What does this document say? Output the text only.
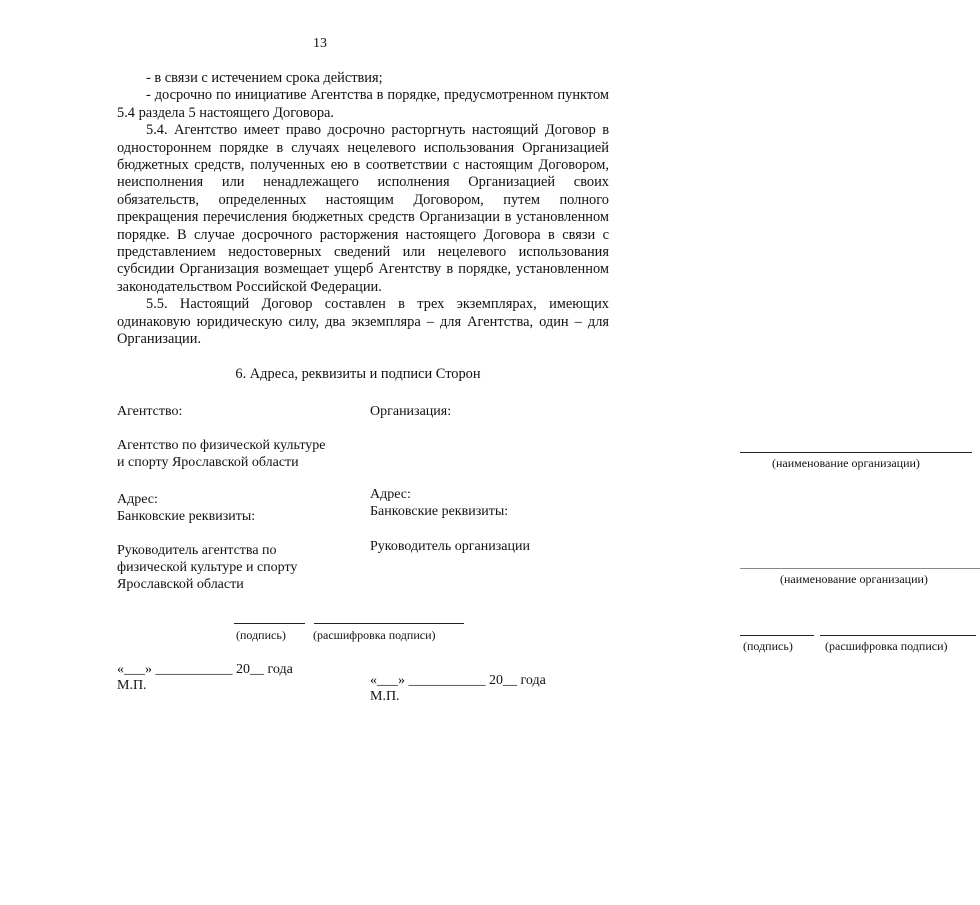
13

- в связи с истечением срока действия;

- досрочно по инициативе Агентства в порядке, предусмотренном пунктом 5.4 раздела 5 настоящего Договора.

5.4. Агентство имеет право досрочно расторгнуть настоящий Договор в одностороннем порядке в случаях нецелевого использования Организацией бюджетных средств, полученных ею в соответствии с настоящим Договором, неисполнения или ненадлежащего исполнения Организацией своих обязательств, определенных настоящим Договором, путем полного прекращения перечисления бюджетных средств Организации в установленном порядке. В случае досрочного расторжения настоящего Договора в связи с представлением недостоверных сведений или нецелевого использования субсидии Организация возмещает ущерб Агентству в порядке, установленном законодательством Российской Федерации.

5.5. Настоящий Договор составлен в трех экземплярах, имеющих одинаковую юридическую силу, два экземпляра – для Агентства, один – для Организации.

6. Адреса, реквизиты и подписи Сторон
Агентство:
Агентство по физической культуре
и спорту Ярославской области
Адрес:
Банковские реквизиты:
Руководитель агентства по
физической культуре и спорту
Ярославской области
(подпись) (расшифровка подписи)
«___» ___________ 20__ года
М.П.
Организация:
(наименование организации)
Адрес:
Банковские реквизиты:
Руководитель организации
(наименование организации)
(подпись)	(расшифровка подписи)
«___» ___________ 20__ года
М.П.
